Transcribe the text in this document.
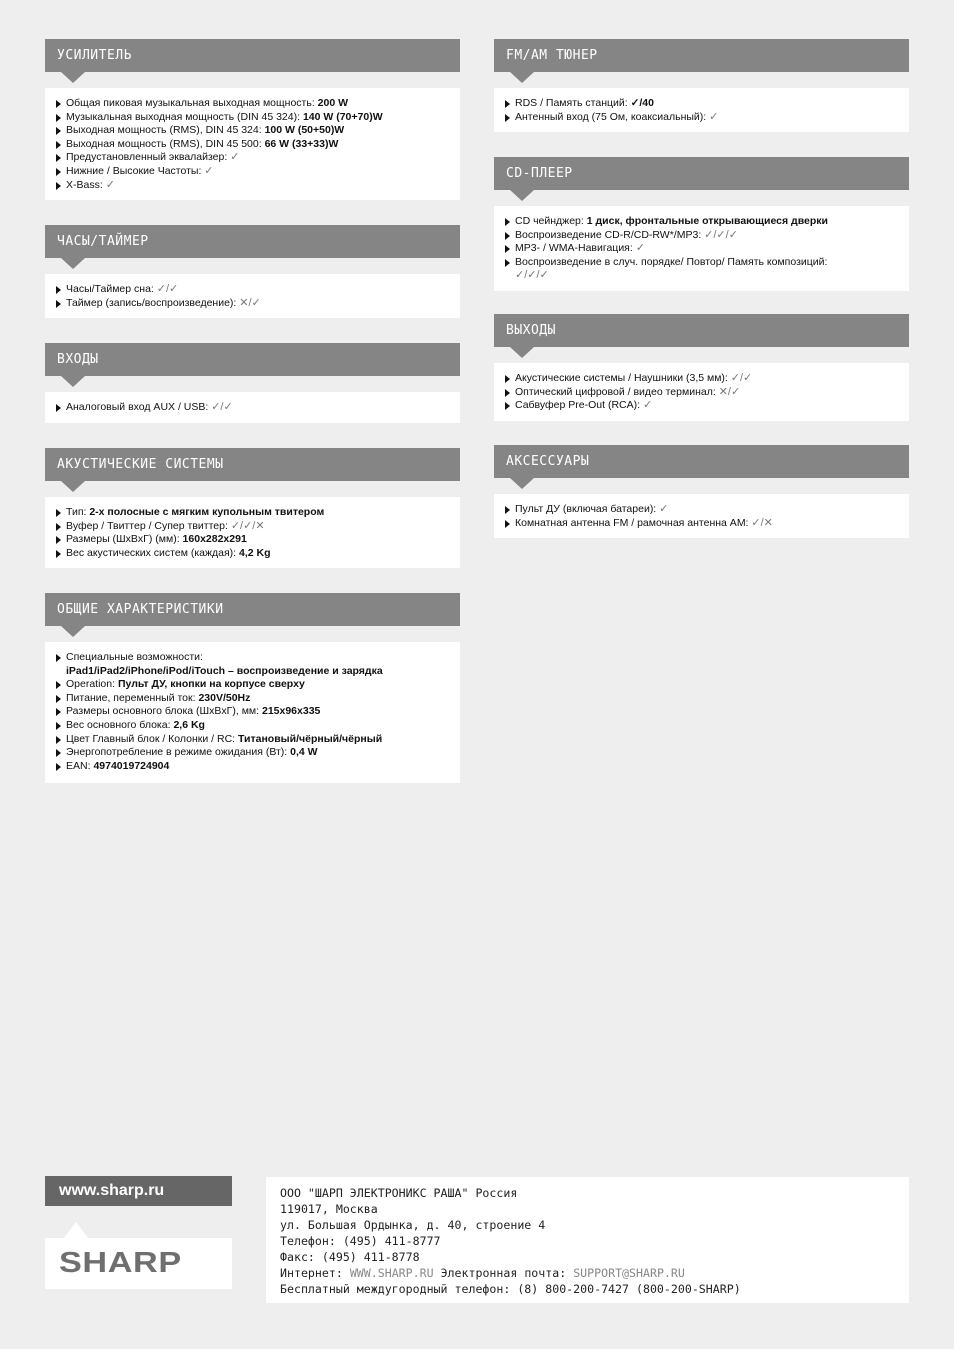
УСИЛИТЕЛЬ
Общая пиковая музыкальная выходная мощность: 200 W
Музыкальная выходная мощность (DIN 45 324): 140 W (70+70)W
Выходная мощность (RMS), DIN 45 324: 100 W (50+50)W
Выходная мощность (RMS), DIN 45 500: 66 W (33+33)W
Предустановленный эквалайзер: ✓
Нижние / Высокие Частоты: ✓
X-Bass: ✓
ЧАСЫ/ТАЙМЕР
Часы/Таймер сна: ✓/✓
Таймер (запись/воспроизведение): ✕/✓
ВХОДЫ
Аналоговый вход AUX / USB: ✓/✓
АКУСТИЧЕСКИЕ СИСТЕМЫ
Тип: 2-х полосные с мягким купольным твитером
Вуфер / Твиттер / Супер твиттер: ✓/✓/✕
Размеры (ШxВxГ) (мм): 160x282x291
Вес акустических систем (каждая): 4,2 Kg
ОБЩИЕ ХАРАКТЕРИСТИКИ
Специальные возможности:
iPad1/iPad2/iPhone/iPod/iTouch – воспроизведение и зарядка
Operation: Пульт ДУ, кнопки на корпусе сверху
Питание, переменный ток: 230V/50Hz
Размеры основного блока (ШxВxГ), мм: 215x96x335
Вес основного блока: 2,6 Kg
Цвет Главный блок / Колонки / RC: Титановый/чёрный/чёрный
Энергопотребление в режиме ожидания (Вт): 0,4 W
EAN: 4974019724904
FM/AM ТЮНЕР
RDS / Память станций: ✓/40
Антенный вход (75 Ом, коаксиальный): ✓
CD-ПЛЕЕР
CD чейнджер: 1 диск, фронтальные открывающиеся дверки
Воспроизведение CD-R/CD-RW*/MP3: ✓/✓/✓
MP3- / WMA-Навигация: ✓
Воспроизведение в случ. порядке/ Повтор/ Память композиций:
✓/✓/✓
ВЫХОДЫ
Акустические системы / Наушники (3,5 мм): ✓/✓
Оптический цифровой / видео терминал: ✕/✓
Сабвуфер Pre-Out (RCA): ✓
АКСЕССУАРЫ
Пульт ДУ (включая батареи): ✓
Комнатная антенна FM / рамочная антенна AM: ✓/✕
www.sharp.ru
SHARP
ООО "ШАРП ЭЛЕКТРОНИКС РАША" Россия
119017, Москва
ул. Большая Ордынка, д. 40, строение 4
Телефон: (495) 411-8777
Факс: (495) 411-8778
Интернет: WWW.SHARP.RU Электронная почта: SUPPORT@SHARP.RU
Бесплатный междугородный телефон: (8) 800-200-7427 (800-200-SHARP)
